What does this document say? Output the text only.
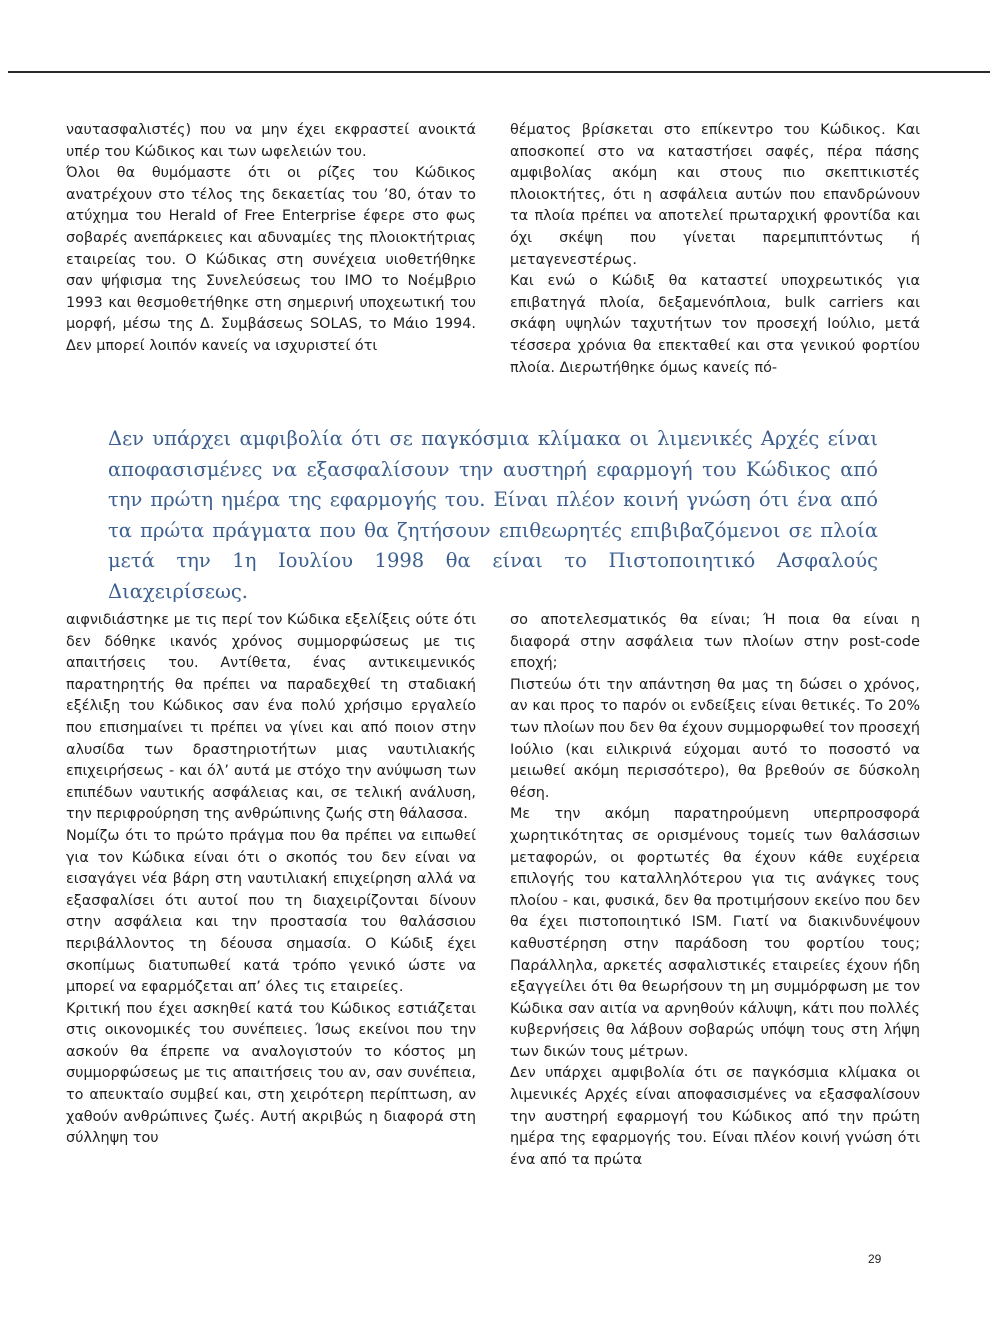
ναυτασφαλιστές) που να μην έχει εκφραστεί ανοικτά υπέρ του Κώδικος και των ωφελειών του.

Όλοι θα θυμόμαστε ότι οι ρίζες του Κώδικος ανατρέχουν στο τέλος της δεκαετίας του ’80, όταν το ατύχημα του Herald of Free Enterprise έφερε στο φως σοβαρές ανεπάρκειες και αδυναμίες της πλοιοκτήτριας εταιρείας του. Ο Κώδικας στη συνέχεια υιοθετήθηκε σαν ψήφισμα της Συνελεύσεως του IMO το Νοέμβριο 1993 και θεσμοθετήθηκε στη σημερινή υποχεωτική του μορφή, μέσω της Δ. Συμβάσεως SOLAS, το Μάιο 1994. Δεν μπορεί λοιπόν κανείς να ισχυριστεί ότι

θέματος βρίσκεται στο επίκεντρο του Κώδικος. Και αποσκοπεί στο να καταστήσει σαφές, πέρα πάσης αμφιβολίας ακόμη και στους πιο σκεπτικιστές πλοιοκτήτες, ότι η ασφάλεια αυτών που επανδρώνουν τα πλοία πρέπει να αποτελεί πρωταρχική φροντίδα και όχι σκέψη που γίνεται παρεμπιπτόντως ή μεταγενεστέρως.

Και ενώ ο Κώδιξ θα καταστεί υποχρεωτικός για επιβατηγά πλοία, δεξαμενόπλοια, bulk carriers και σκάφη υψηλών ταχυτήτων τον προσεχή Ιούλιο, μετά τέσσερα χρόνια θα επεκταθεί και στα γενικού φορτίου πλοία. Διερωτήθηκε όμως κανείς πό-

Δεν υπάρχει αμφιβολία ότι σε παγκόσμια κλίμακα οι λιμενικές Αρχές είναι αποφασισμένες να εξασφαλίσουν την αυστηρή εφαρμογή του Κώδικος από την πρώτη ημέρα της εφαρμογής του. Είναι πλέον κοινή γνώση ότι ένα από τα πρώτα πράγματα που θα ζητήσουν επιθεωρητές επιβιβαζόμενοι σε πλοία μετά την 1η Ιουλίου 1998 θα είναι το Πιστοποιητικό Ασφαλούς Διαχειρίσεως.

αιφνιδιάστηκε με τις περί τον Κώδικα εξελίξεις ούτε ότι δεν δόθηκε ικανός χρόνος συμμορφώσεως με τις απαιτήσεις του. Αντίθετα, ένας αντικειμενικός παρατηρητής θα πρέπει να παραδεχθεί τη σταδιακή εξέλιξη του Κώδικος σαν ένα πολύ χρήσιμο εργαλείο που επισημαίνει τι πρέπει να γίνει και από ποιον στην αλυσίδα των δραστηριοτήτων μιας ναυτιλιακής επιχειρήσεως - και όλ’ αυτά με στόχο την ανύψωση των επιπέδων ναυτικής ασφάλειας και, σε τελική ανάλυση, την περιφρούρηση της ανθρώπινης ζωής στη θάλασσα.

Νομίζω ότι το πρώτο πράγμα που θα πρέπει να ειπωθεί για τον Κώδικα είναι ότι ο σκοπός του δεν είναι να εισαγάγει νέα βάρη στη ναυτιλιακή επιχείρηση αλλά να εξασφαλίσει ότι αυτοί που τη διαχειρίζονται δίνουν στην ασφάλεια και την προστασία του θαλάσσιου περιβάλλοντος τη δέουσα σημασία. Ο Κώδιξ έχει σκοπίμως διατυπωθεί κατά τρόπο γενικό ώστε να μπορεί να εφαρμόζεται απ’ όλες τις εταιρείες.

Κριτική που έχει ασκηθεί κατά του Κώδικος εστιάζεται στις οικονομικές του συνέπειες. Ίσως εκείνοι που την ασκούν θα έπρεπε να αναλογιστούν το κόστος μη συμμορφώσεως με τις απαιτήσεις του αν, σαν συνέπεια, το απευκταίο συμβεί και, στη χειρότερη περίπτωση, αν χαθούν ανθρώπινες ζωές. Αυτή ακριβώς η διαφορά στη σύλληψη του

σο αποτελεσματικός θα είναι; Ή ποια θα είναι η διαφορά στην ασφάλεια των πλοίων στην post-code εποχή;

Πιστεύω ότι την απάντηση θα μας τη δώσει ο χρόνος, αν και προς το παρόν οι ενδείξεις είναι θετικές. Το 20% των πλοίων που δεν θα έχουν συμμορφωθεί τον προσεχή Ιούλιο (και ειλικρινά εύχομαι αυτό το ποσοστό να μειωθεί ακόμη περισσότερο), θα βρεθούν σε δύσκολη θέση.

Με την ακόμη παρατηρούμενη υπερπροσφορά χωρητικότητας σε ορισμένους τομείς των θαλάσσιων μεταφορών, οι φορτωτές θα έχουν κάθε ευχέρεια επιλογής του καταλληλότερου για τις ανάγκες τους πλοίου - και, φυσικά, δεν θα προτιμήσουν εκείνο που δεν θα έχει πιστοποιητικό ISM. Γιατί να διακινδυνέψουν καθυστέρηση στην παράδοση του φορτίου τους; Παράλληλα, αρκετές ασφαλιστικές εταιρείες έχουν ήδη εξαγγείλει ότι θα θεωρήσουν τη μη συμμόρφωση με τον Κώδικα σαν αιτία να αρνηθούν κάλυψη, κάτι που πολλές κυβερνήσεις θα λάβουν σοβαρώς υπόψη τους στη λήψη των δικών τους μέτρων.

Δεν υπάρχει αμφιβολία ότι σε παγκόσμια κλίμακα οι λιμενικές Αρχές είναι αποφασισμένες να εξασφαλίσουν την αυστηρή εφαρμογή του Κώδικος από την πρώτη ημέρα της εφαρμογής του. Είναι πλέον κοινή γνώση ότι ένα από τα πρώτα

29
